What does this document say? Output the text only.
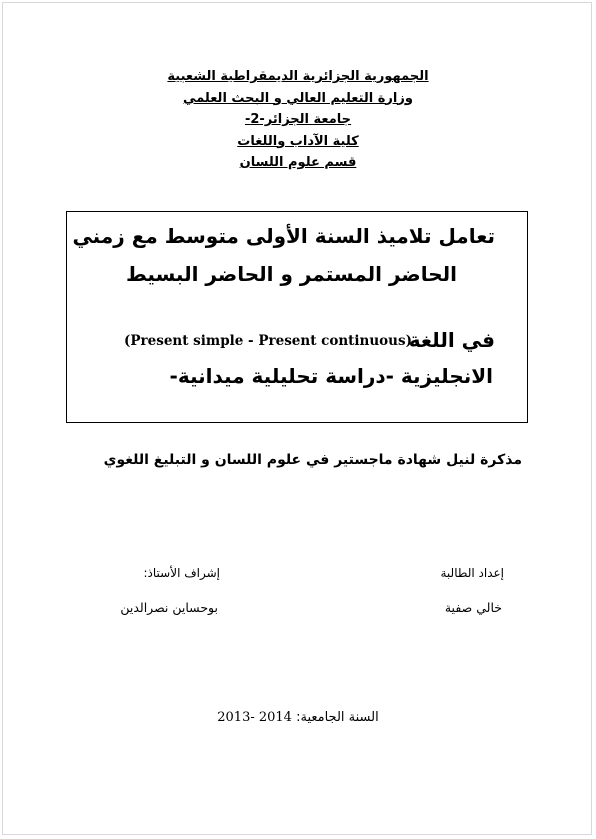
الجمهورية الجزائرية الديمقراطية الشعبية
وزارة التعليم العالي و البحث العلمي
جامعة الجزائر-2-
كلية الآداب واللغات
قسم علوم اللسان
تعامل تلاميذ السنة الأولى متوسط مع زمني
الحاضر المستمر و الحاضر البسيط
في اللغة
(Present simple - Present continuous)
الانجليزية -دراسة تحليلية ميدانية-
مذكرة لنيل شهادة ماجستير في علوم اللسان و التبليغ اللغوي
إعداد الطالبة
خالي صفية
إشراف الأستاذ:
بوحساين نصرالدين
2013- 2014 السنة الجامعية:
